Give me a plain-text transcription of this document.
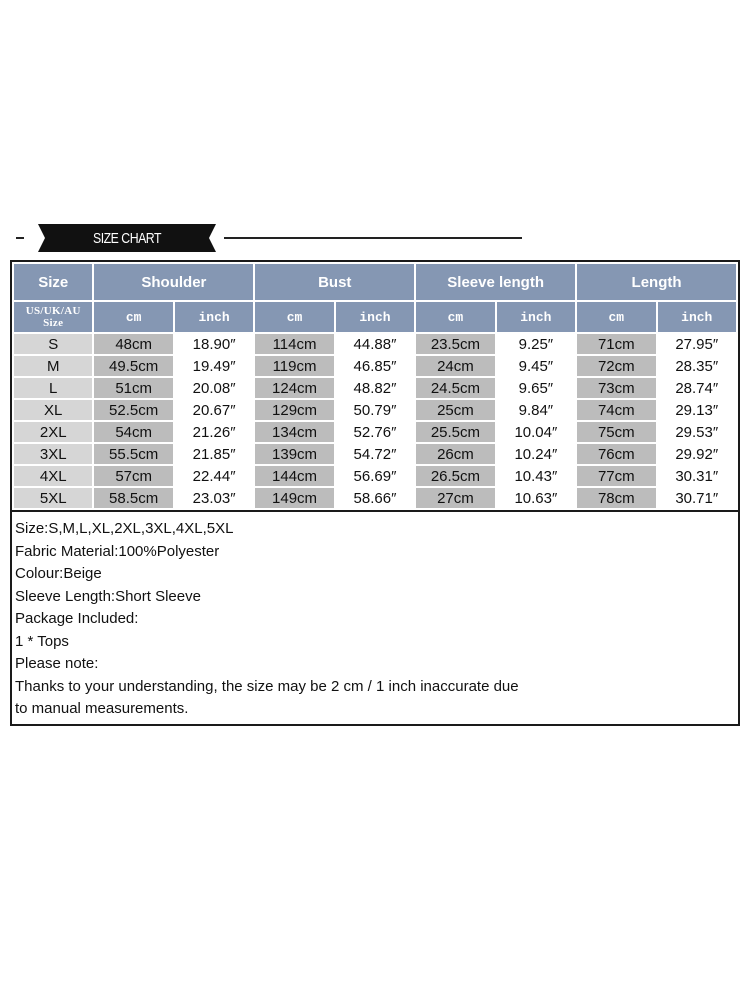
SIZE CHART
Size	Shoulder		Bust		Sleeve length		Length	

US/UK/AU
Size	cm	inch	cm	inch	cm	inch	cm	inch
S	48cm	18.90″	114cm	44.88″	23.5cm	9.25″	71cm	27.95″
M	49.5cm	19.49″	119cm	46.85″	24cm	9.45″	72cm	28.35″
L	51cm	20.08″	124cm	48.82″	24.5cm	9.65″	73cm	28.74″
XL	52.5cm	20.67″	129cm	50.79″	25cm	9.84″	74cm	29.13″
2XL	54cm	21.26″	134cm	52.76″	25.5cm	10.04″	75cm	29.53″
3XL	55.5cm	21.85″	139cm	54.72″	26cm	10.24″	76cm	29.92″
4XL	57cm	22.44″	144cm	56.69″	26.5cm	10.43″	77cm	30.31″
5XL	58.5cm	23.03″	149cm	58.66″	27cm	10.63″	78cm	30.71″
Size:S,M,L,XL,2XL,3XL,4XL,5XL
Fabric Material:100%Polyester
Colour:Beige
Sleeve Length:Short Sleeve
Package Included:
1 * Tops
Please note:
Thanks to your understanding, the size may be 2 cm / 1 inch inaccurate due
to manual measurements.
